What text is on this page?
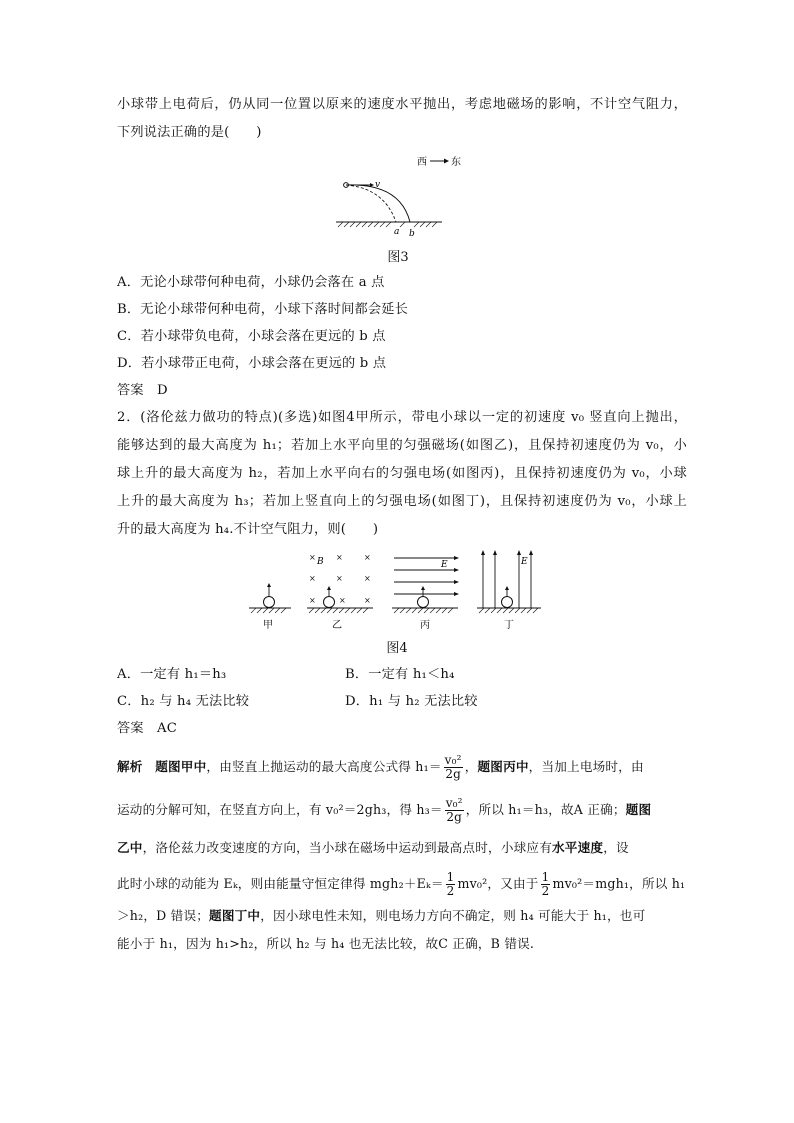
小球带上电荷后，仍从同一位置以原来的速度水平抛出，考虑地磁场的影响，不计空气阻力，
下列说法正确的是(　　)
西 东
v
a b
图3
A．无论小球带何种电荷，小球仍会落在 a 点
B．无论小球带何种电荷，小球下落时间都会延长
C．若小球带负电荷，小球会落在更远的 b 点
D．若小球带正电荷，小球会落在更远的 b 点
答案 D
2．(洛伦兹力做功的特点)(多选)如图4甲所示，带电小球以一定的初速度 v₀ 竖直向上抛出，
能够达到的最大高度为 h₁；若加上水平向里的匀强磁场(如图乙)，且保持初速度仍为 v₀，小
球上升的最大高度为 h₂，若加上水平向右的匀强电场(如图丙)，且保持初速度仍为 v₀，小球
上升的最大高度为 h₃；若加上竖直向上的匀强电场(如图丁)，且保持初速度仍为 v₀，小球上
升的最大高度为 h₄.不计空气阻力，则(　　)
甲
×	×	×
×	×	×
×	× ×
B
乙
E
丙
E
丁
图4
A．一定有 h₁＝h₃	B．一定有 h₁＜h₄
C．h₂ 与 h₄ 无法比较	D．h₁ 与 h₂ 无法比较
答案 AC
解析 题图甲中，由竖直上抛运动的最大高度公式得 $h_1= \frac{\text{v₀²}}{2g}$ ，题图丙中，当加上电场时，由
运动的分解可知，在竖直方向上，有 v₀²＝2gh₃，得 $h_3= \frac{\text{v₀²}}{2g}$ ，所以 h₁＝h₃，故A 正确；题图
乙中，洛伦兹力改变速度的方向，当小球在磁场中运动到最高点时，小球应有水平速度，设
此时小球的动能为 Eₖ，则由能量守恒定律得 $mgh_2+E_k= \frac{1}{2} mv_0^2$，又由于 $\frac{1}{2} mv_0^2=mgh_1$，所以 h₁
＞h₂，D 错误；题图丁中，因小球电性未知，则电场力方向不确定，则 h₄ 可能大于 h₁，也可
能小于 h₁，因为 h₁>h₂，所以 h₂ 与 h₄ 也无法比较，故C 正确，B 错误.
